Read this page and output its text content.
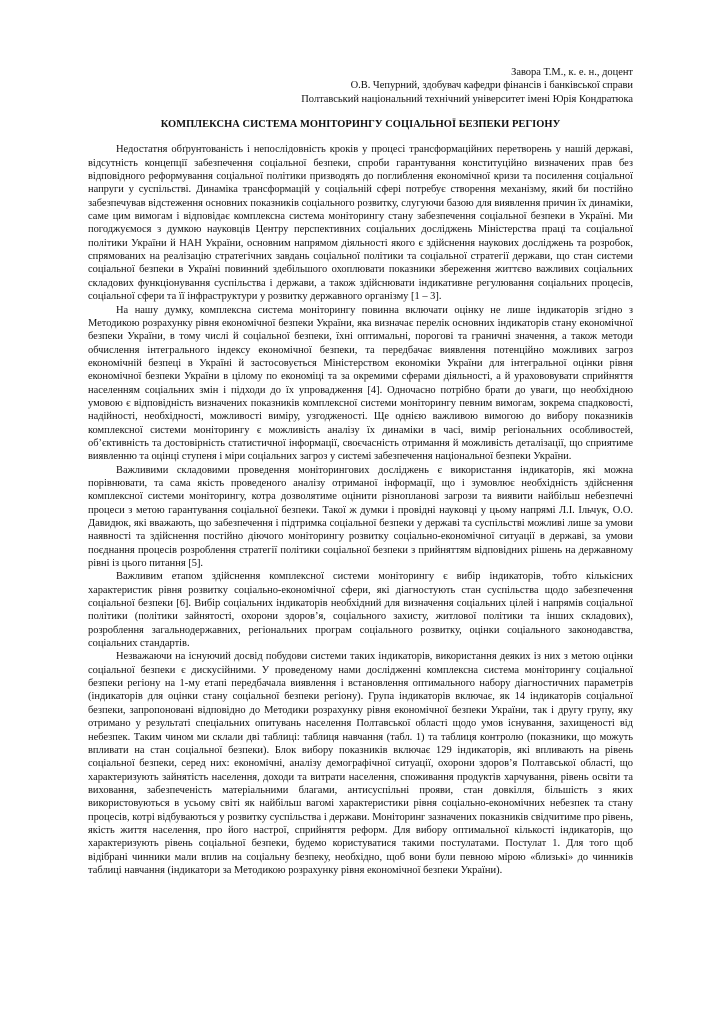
Завора Т.М., к. е. н., доцент
О.В. Чепурний, здобувач кафедри фінансів і банківської справи
Полтавський національний технічний університет імені Юрія Кондратюка
КОМПЛЕКСНА СИСТЕМА МОНІТОРИНГУ СОЦІАЛЬНОЇ БЕЗПЕКИ РЕГІОНУ

Недостатня обґрунтованість і непослідовність кроків у процесі трансформаційних перетворень у нашій державі, відсутність концепції забезпечення соціальної безпеки, спроби гарантування конституційно визначених прав без відповідного реформування соціальної політики призводять до поглиблення економічної кризи та посилення соціальної напруги у суспільстві. Динаміка трансформацій у соціальній сфері потребує створення механізму, який би постійно забезпечував відстеження основних показників соціального розвитку, слугуючи базою для виявлення причин їх динаміки, саме цим вимогам і відповідає комплексна система моніторингу стану забезпечення соціальної безпеки в Україні. Ми погоджуємося з думкою науковців Центру перспективних соціальних досліджень Міністерства праці та соціальної політики України й НАН України, основним напрямом діяльності якого є здійснення наукових досліджень та розробок, спрямованих на реалізацію стратегічних завдань соціальної політики та соціальної стратегії держави, що стан системи соціальної безпеки в Україні повинний здебільшого охоплювати показники збереження життєво важливих соціальних складових функціонування суспільства і держави, а також здійснювати індикативне регулювання соціальних процесів, соціальної сфери та її інфраструктури у розвитку державного організму [1 – 3].

На нашу думку, комплексна система моніторингу повинна включати оцінку не лише індикаторів згідно з Методикою розрахунку рівня економічної безпеки України, яка визначає перелік основних індикаторів стану економічної безпеки України, в тому числі й соціальної безпеки, їхні оптимальні, порогові та граничні значення, а також методи обчислення інтегрального індексу економічної безпеки, та передбачає виявлення потенційно можливих загроз економічній безпеці в Україні й застосовується Міністерством економіки України для інтегральної оцінки рівня економічної безпеки України в цілому по економіці та за окремими сферами діяльності, а й урахововувати сприйняття населенням соціальних змін і підходи до їх упровадження [4]. Одночасно потрібно брати до уваги, що необхідною умовою є відповідність визначених показників комплексної системи моніторингу певним вимогам, зокрема спадковості, надійності, необхідності, можливості виміру, узгодженості. Ще однією важливою вимогою до вибору показників комплексної системи моніторингу є можливість аналізу їх динаміки в часі, вимір регіональних особливостей, об’єктивність та достовірність статистичної інформації, своєчасність отримання й можливість деталізації, що сприятиме виявленню та оцінці ступеня і міри соціальних загроз у системі забезпечення національної безпеки України.

Важливими складовими проведення моніторингових досліджень є використання індикаторів, які можна порівнювати, та сама якість проведеного аналізу отриманої інформації, що і зумовлює необхідність здійснення комплексної системи моніторингу, котра дозволятиме оцінити різнопланові загрози та виявити найбільш небезпечні процеси з метою гарантування соціальної безпеки. Такої ж думки і провідні науковці у цьому напрямі Л.І. Ільчук, О.О. Давидюк, які вважають, що забезпечення і підтримка соціальної безпеки у державі та суспільстві можливі лише за умови наявності та здійснення постійно діючого моніторингу розвитку соціально-економічної ситуації в державі, за умови поєднання процесів розроблення стратегії політики соціальної безпеки з прийняттям відповідних рішень на державному рівні із цього питання [5].

Важливим етапом здійснення комплексної системи моніторингу є вибір індикаторів, тобто кількісних характеристик рівня розвитку соціально-економічної сфери, які діагностують стан суспільства щодо забезпечення соціальної безпеки [6]. Вибір соціальних індикаторів необхідний для визначення соціальних цілей і напрямів соціальної політики (політики зайнятості, охорони здоров’я, соціального захисту, житлової політики та інших складових), розроблення загальнодержавних, регіональних програм соціального розвитку, оцінки соціального законодавства, соціальних стандартів.

Незважаючи на існуючий досвід побудови системи таких індикаторів, використання деяких із них з метою оцінки соціальної безпеки є дискусійними. У проведеному нами дослідженні комплексна система моніторингу соціальної безпеки регіону на 1-му етапі передбачала виявлення і встановлення оптимального набору діагностичних параметрів (індикаторів для оцінки стану соціальної безпеки регіону). Група індикаторів включає, як 14 індикаторів соціальної безпеки, запропоновані відповідно до Методики розрахунку рівня економічної безпеки України, так і другу групу, яку отримано у результаті спеціальних опитувань населення Полтавської області щодо умов існування, захищеності від небезпек. Таким чином ми склали дві таблиці: таблиця навчання (табл. 1) та таблиця контролю (показники, що можуть впливати на стан соціальної безпеки). Блок вибору показників включає 129 індикаторів, які впливають на рівень соціальної безпеки, серед них: економічні, аналізу демографічної ситуації, охорони здоров’я Полтавської області, що характеризують зайнятість населення, доходи та витрати населення, споживання продуктів харчування, рівень освіти та виховання, забезпеченість матеріальними благами, антисуспільні прояви, стан довкілля, більшість з яких використовуються в усьому світі як найбільш вагомі характеристики рівня соціально-економічних небезпек та стану процесів, котрі відбуваються у розвитку суспільства і держави. Моніторинг зазначених показників свідчитиме про рівень, якість життя населення, про його настрої, сприйняття реформ. Для вибору оптимальної кількості індикаторів, що характеризують рівень соціальної безпеки, будемо користуватися такими постулатами. Постулат 1. Для того щоб відібрані чинники мали вплив на соціальну безпеку, необхідно, щоб вони були певною мірою «близькі» до чинників таблиці навчання (індикатори за Методикою розрахунку рівня економічної безпеки України).
